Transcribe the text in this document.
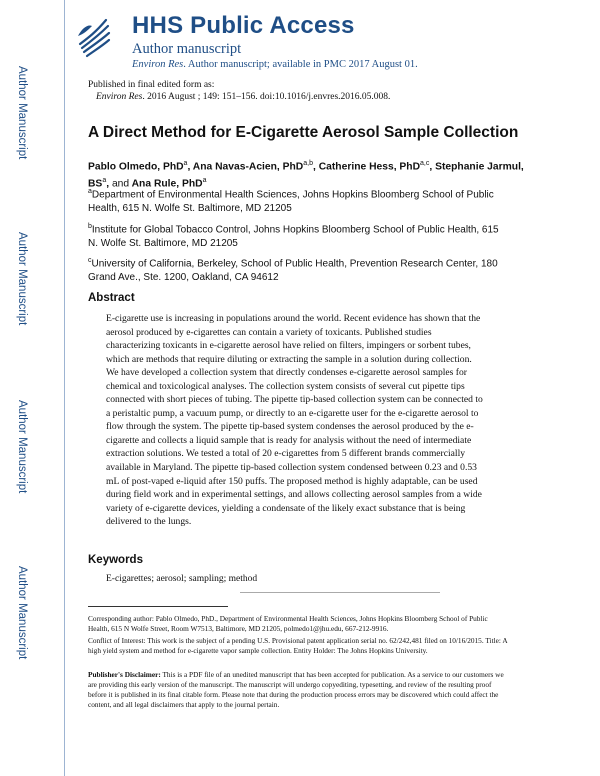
Author Manuscript
Author Manuscript
Author Manuscript
Author Manuscript
HHS Public Access
Author manuscript
Environ Res. Author manuscript; available in PMC 2017 August 01.
Published in final edited form as:
Environ Res. 2016 August ; 149: 151–156. doi:10.1016/j.envres.2016.05.008.
A Direct Method for E-Cigarette Aerosol Sample Collection
Pablo Olmedo, PhD$^a$, Ana Navas-Acien, PhD$^{a,b}$, Catherine Hess, PhD$^{a,c}$, Stephanie Jarmul, $BS^a$, and Ana Rule, PhD$^a$
$^a$Department of Environmental Health Sciences, Johns Hopkins Bloomberg School of Public Health, 615 N. Wolfe St. Baltimore, MD 21205
$^b$Institute for Global Tobacco Control, Johns Hopkins Bloomberg School of Public Health, 615 N. Wolfe St. Baltimore, MD 21205
$^c$University of California, Berkeley, School of Public Health, Prevention Research Center, 180 Grand Ave., Ste. 1200, Oakland, CA 94612
Abstract
E-cigarette use is increasing in populations around the world. Recent evidence has shown that the
aerosol produced by e-cigarettes can contain a variety of toxicants. Published studies
characterizing toxicants in e-cigarette aerosol have relied on filters, impingers or sorbent tubes,
which are methods that require diluting or extracting the sample in a solution during collection.
We have developed a collection system that directly condenses e-cigarette aerosol samples for
chemical and toxicological analyses. The collection system consists of several cut pipette tips
connected with short pieces of tubing. The pipette tip-based collection system can be connected to
a peristaltic pump, a vacuum pump, or directly to an e-cigarette user for the e-cigarette aerosol to
flow through the system. The pipette tip-based system condenses the aerosol produced by the e-
cigarette and collects a liquid sample that is ready for analysis without the need of intermediate
extraction solutions. We tested a total of 20 e-cigarettes from 5 different brands commercially
available in Maryland. The pipette tip-based collection system condensed between 0.23 and 0.53
mL of post-vaped e-liquid after 150 puffs. The proposed method is highly adaptable, can be used
during field work and in experimental settings, and allows collecting aerosol samples from a wide
variety of e-cigarette devices, yielding a condensate of the likely exact substance that is being
delivered to the lungs.
Keywords
E-cigarettes; aerosol; sampling; method
Corresponding author: Pablo Olmedo, PhD., Department of Environmental Health Sciences, Johns Hopkins Bloomberg School of Public Health, 615 N Wolfe Street, Room W7513, Baltimore, MD 21205, polmedo1@jhu.edu, 667-212-9916.
Conflict of Interest: This work is the subject of a pending U.S. Provisional patent application serial no. 62/242,481 filed on 10/16/2015. Title: A high yield system and method for e-cigarette vapor sample collection. Entity Holder: The Johns Hopkins University.
Publisher's Disclaimer: This is a PDF file of an unedited manuscript that has been accepted for publication. As a service to our customers we are providing this early version of the manuscript. The manuscript will undergo copyediting, typesetting, and review of the resulting proof before it is published in its final citable form. Please note that during the production process errors may be discovered which could affect the content, and all legal disclaimers that apply to the journal pertain.
